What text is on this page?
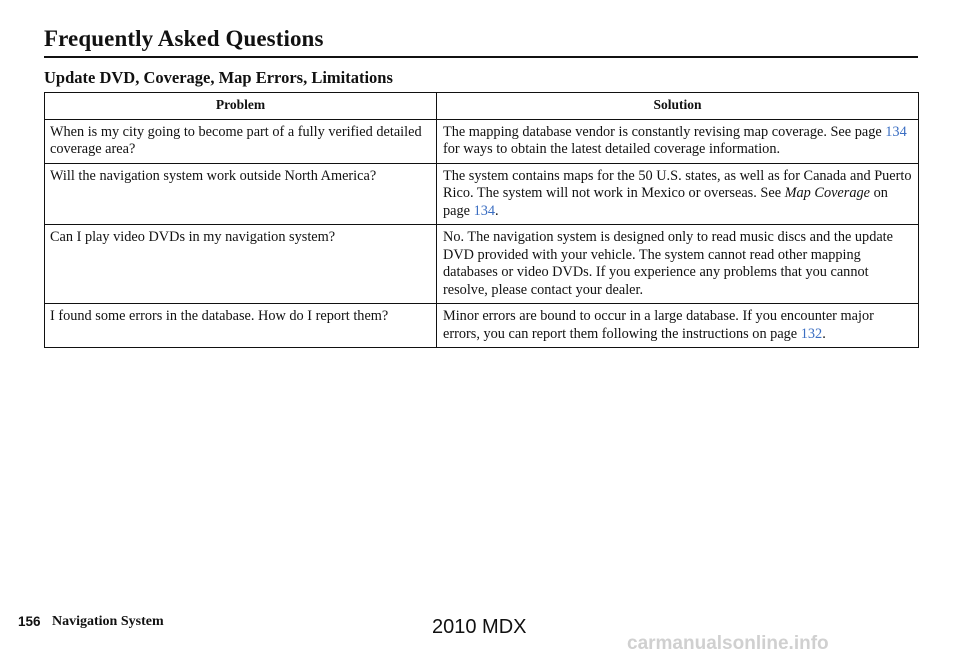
Frequently Asked Questions
Update DVD, Coverage, Map Errors, Limitations
Problem	Solution
When is my city going to become part of a fully verified detailed coverage area?	The mapping database vendor is constantly revising map coverage. See page 134 for ways to obtain the latest detailed coverage information.
Will the navigation system work outside North America?	The system contains maps for the 50 U.S. states, as well as for Canada and Puerto Rico. The system will not work in Mexico or overseas. See Map Coverage on page 134.
Can I play video DVDs in my navigation system?	No. The navigation system is designed only to read music discs and the update DVD provided with your vehicle. The system cannot read other mapping databases or video DVDs. If you experience any problems that you cannot resolve, please contact your dealer.
I found some errors in the database. How do I report them?	Minor errors are bound to occur in a large database. If you encounter major errors, you can report them following the instructions on page 132.
156 Navigation System	2010 MDX
carmanualsonline.info
